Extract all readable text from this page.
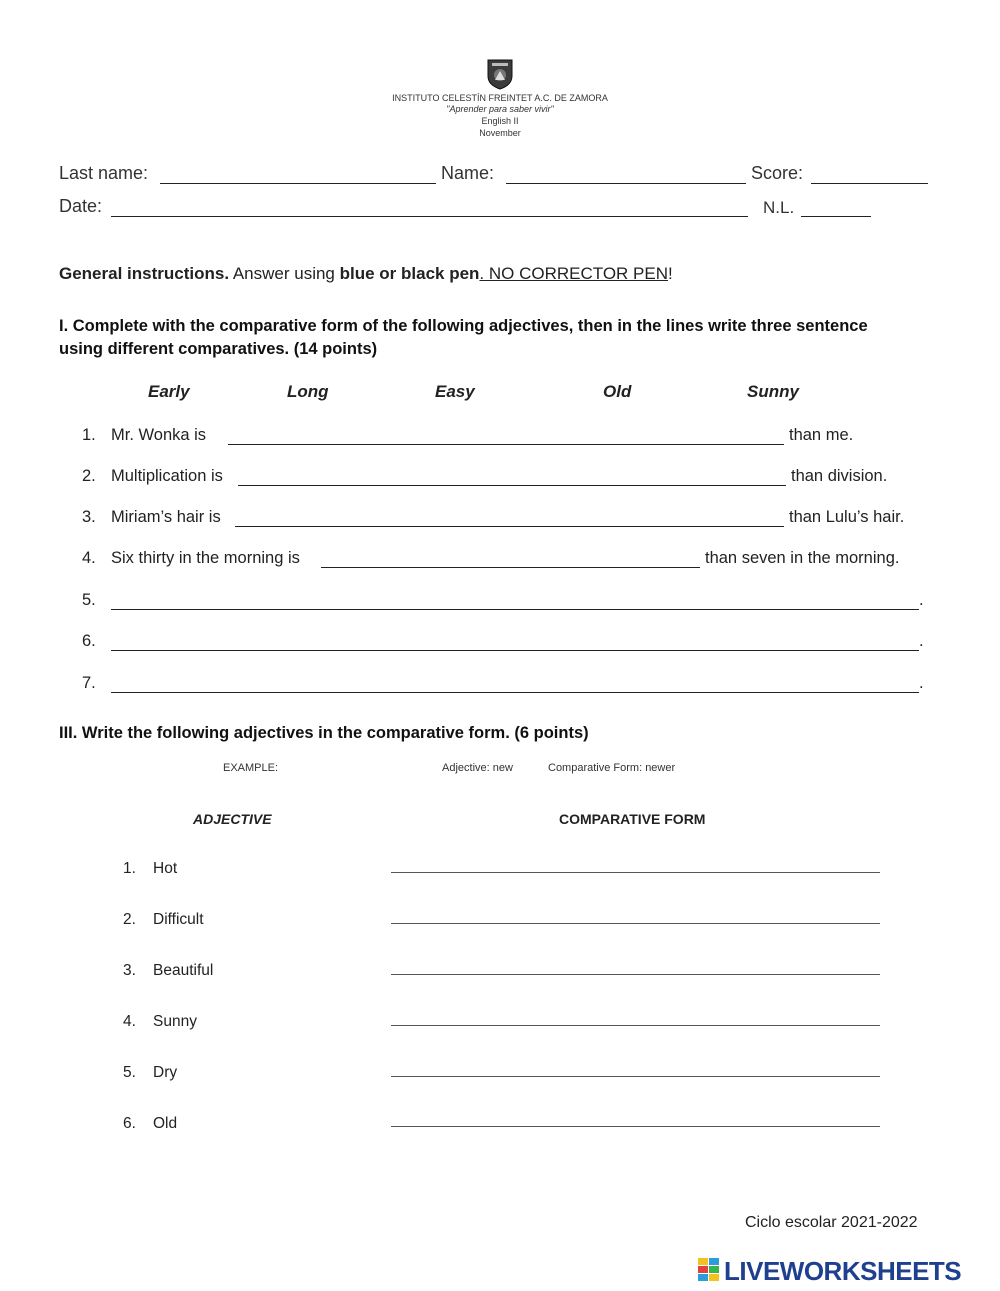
INSTITUTO CELESTÍN FREINTET A.C. DE ZAMORA
"Aprender para saber vivir"
English II
November
Last name:	Name:	Score:
Date:	N.L.
General instructions. Answer using blue or black pen. NO CORRECTOR PEN!
I. Complete with the comparative form of the following adjectives, then in the lines write three sentence
using different comparatives. (14 points)
Early	Long	Easy	Old	Sunny
1. Mr. Wonka is	than me.
2. Multiplication is	than division.
3. Miriam’s hair is	than Lulu’s hair.
4. Six thirty in the morning is	than seven in the morning.
5.	.
6.	.
7.	.
III. Write the following adjectives in the comparative form. (6 points)
EXAMPLE:	Adjective: new	Comparative Form: newer
ADJECTIVE	COMPARATIVE FORM
1. Hot
2. Difficult
3. Beautiful
4. Sunny
5. Dry
6. Old
Ciclo escolar 2021-2022
LIVEWORKSHEETS
